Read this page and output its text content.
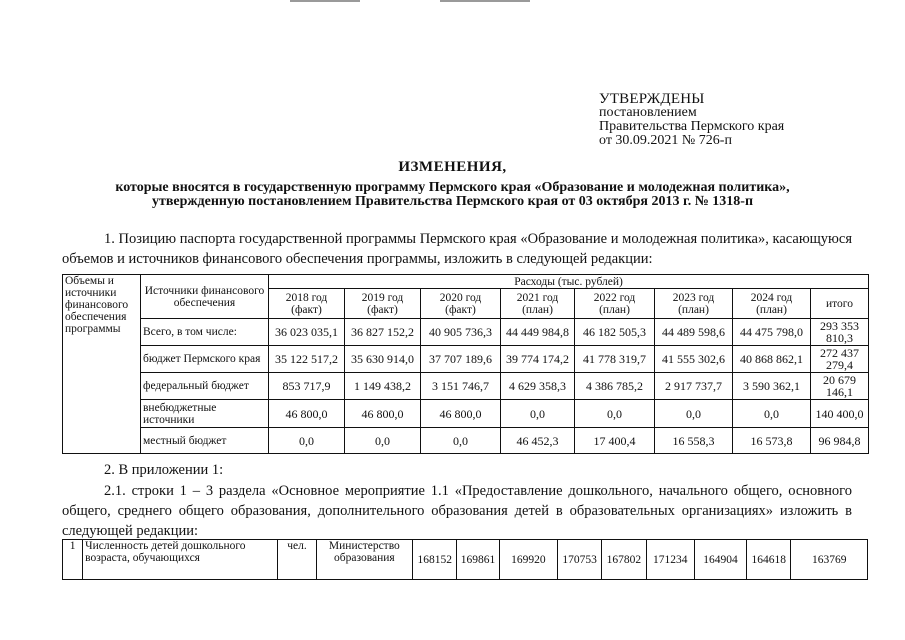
УТВЕРЖДЕНЫ
постановлением
Правительства Пермского края
от 30.09.2021 № 726-п
ИЗМЕНЕНИЯ,
которые вносятся в государственную программу Пермского края «Образование и молодежная политика»,
утвержденную постановлением Правительства Пермского края от 03 октября 2013 г. № 1318-п
1. Позицию паспорта государственной программы Пермского края «Образование и молодежная политика», касающуюся объемов и источников финансового обеспечения программы, изложить в следующей редакции:
Объемы и источники финансового обеспечения программы	Источники финансового обеспечения	Расходы (тыс. рублей)							
		2018 год (факт)	2019 год (факт)	2020 год (факт)	2021 год (план)	2022 год (план)	2023 год (план)	2024 год (план)	итого
	Всего, в том числе:	36 023 035,1	36 827 152,2	40 905 736,3	44 449 984,8	46 182 505,3	44 489 598,6	44 475 798,0	293 353 810,3
	бюджет Пермского края	35 122 517,2	35 630 914,0	37 707 189,6	39 774 174,2	41 778 319,7	41 555 302,6	40 868 862,1	272 437 279,4
	федеральный бюджет	853 717,9	1 149 438,2	3 151 746,7	4 629 358,3	4 386 785,2	2 917 737,7	3 590 362,1	20 679 146,1
	внебюджетные источники	46 800,0	46 800,0	46 800,0	0,0	0,0	0,0	0,0	140 400,0
	местный бюджет	0,0	0,0	0,0	46 452,3	17 400,4	16 558,3	16 573,8	96 984,8
2. В приложении 1:
2.1. строки 1 – 3 раздела «Основное мероприятие 1.1 «Предоставление дошкольного, начального общего, основного общего, среднего общего образования, дополнительного образования детей в образовательных организациях» изложить в следующей редакции:
1	Численность детей дошкольного возраста, обучающихся	чел.	Министерство образования	168152	169861	169920	170753	167802	171234	164904	164618	163769
